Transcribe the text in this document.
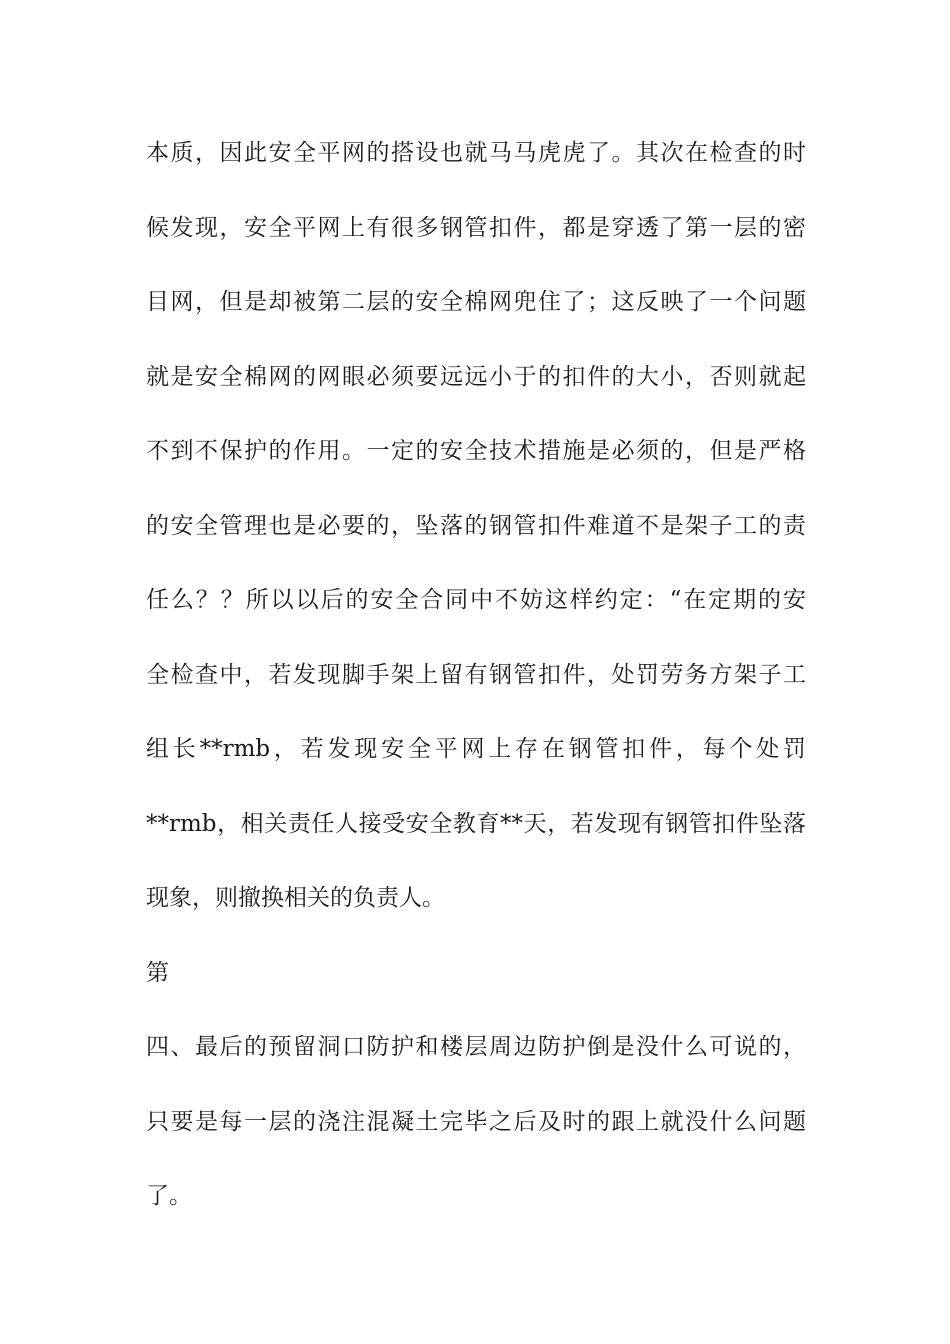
本质，因此安全平网的搭设也就马马虎虎了。其次在检查的时
候发现，安全平网上有很多钢管扣件，都是穿透了第一层的密
目网，但是却被第二层的安全棉网兜住了；这反映了一个问题
就是安全棉网的网眼必须要远远小于的扣件的大小，否则就起
不到不保护的作用。一定的安全技术措施是必须的，但是严格
的安全管理也是必要的，坠落的钢管扣件难道不是架子工的责
任么？？所以以后的安全合同中不妨这样约定：“在定期的安
全检查中，若发现脚手架上留有钢管扣件，处罚劳务方架子工
组长**rmb，若发现安全平网上存在钢管扣件，每个处罚
**rmb，相关责任人接受安全教育**天，若发现有钢管扣件坠落
现象，则撤换相关的负责人。
第
四、最后的预留洞口防护和楼层周边防护倒是没什么可说的，
只要是每一层的浇注混凝土完毕之后及时的跟上就没什么问题
了。
